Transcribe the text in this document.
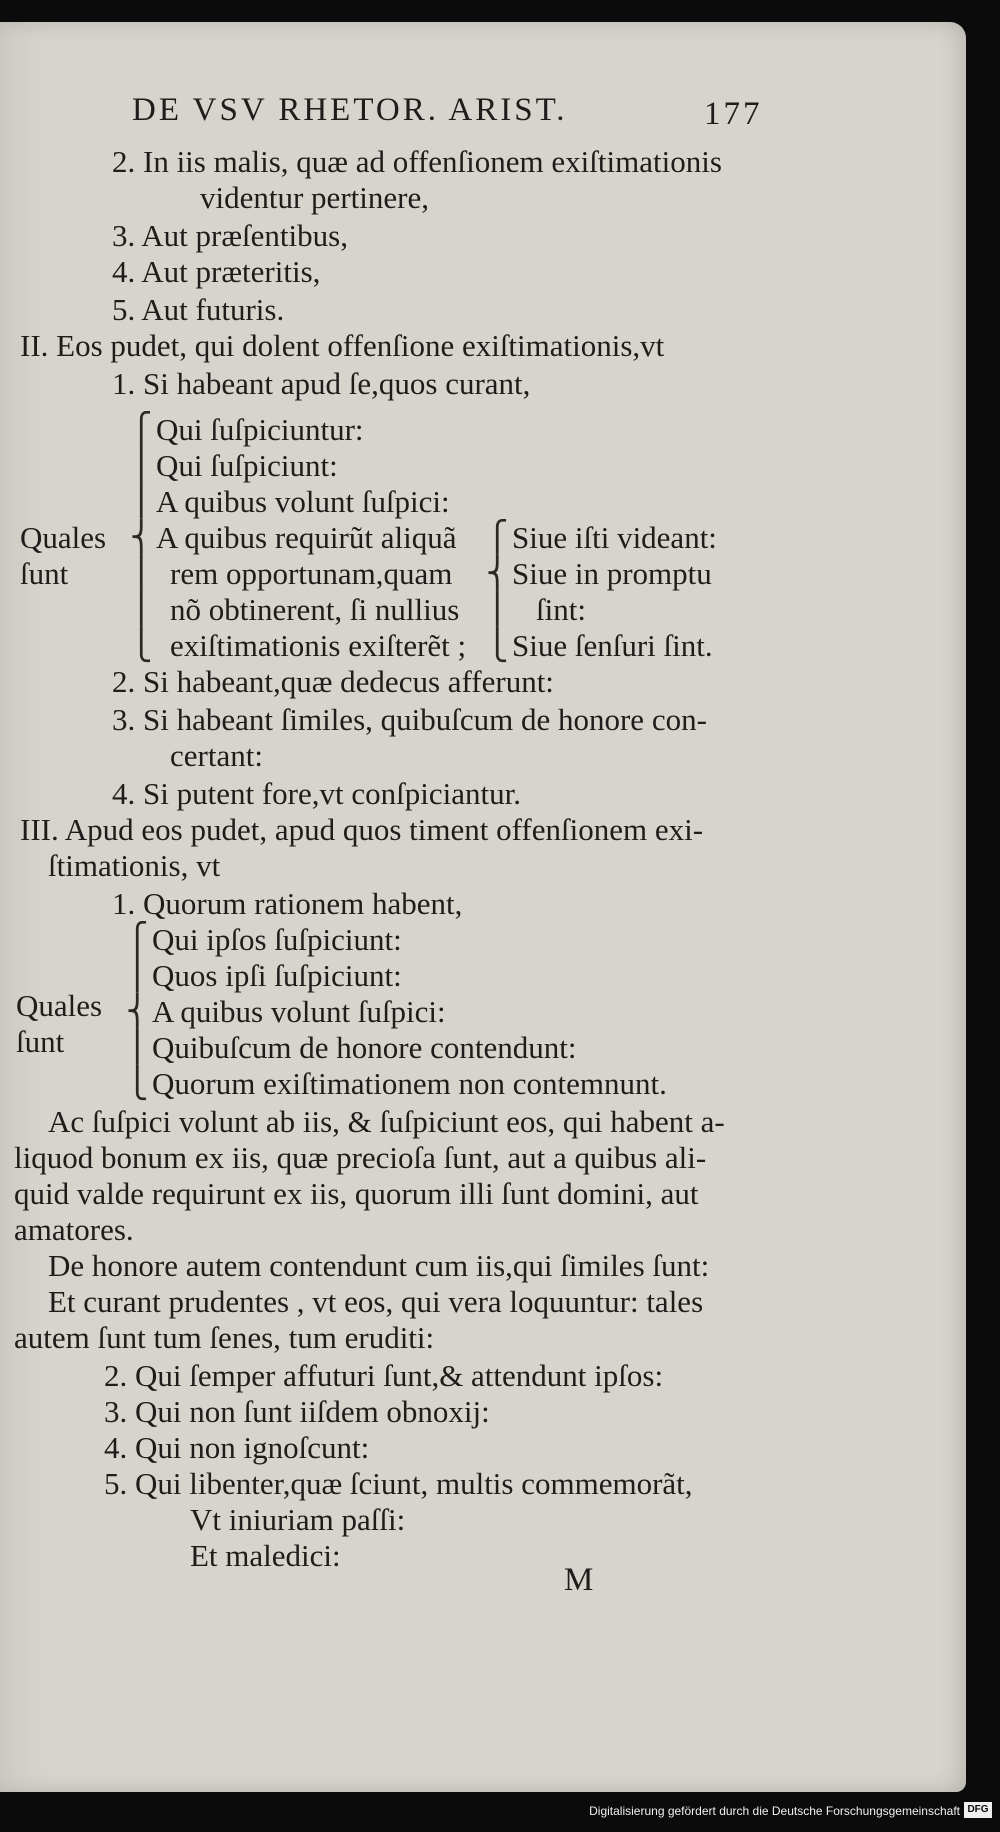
DE VSV RHETOR. ARIST.	177
2. In iis malis, quæ ad offenſionem exiſtimationis
videntur pertinere,
3. Aut præſentibus,
4. Aut præteritis,
5. Aut futuris.
II. Eos pudet, qui dolent offenſione exiſtimationis,vt
1. Si habeant apud ſe,quos curant,
⎧
⎪
⎪
⎨
⎪
⎪
⎩
Quales
ſunt
Qui ſuſpiciuntur:
Qui ſuſpiciunt:
A quibus volunt ſuſpici:
A quibus requirũt aliquã
rem opportunam,quam
nõ obtinerent, ſi nullius
exiſtimationis exiſterẽt ;
⎧
⎨
⎪
⎩
Siue iſti videant:
Siue in promptu
ſint:
Siue ſenſuri ſint.
2. Si habeant,quæ dedecus afferunt:
3. Si habeant ſimiles, quibuſcum de honore con-
certant:
4. Si putent fore,vt conſpiciantur.
III. Apud eos pudet, apud quos timent offenſionem exi-
ſtimationis, vt
1. Quorum rationem habent,
⎧
⎪
⎨
⎪
⎩
Quales
ſunt
Qui ipſos ſuſpiciunt:
Quos ipſi ſuſpiciunt:
A quibus volunt ſuſpici:
Quibuſcum de honore contendunt:
Quorum exiſtimationem non contemnunt.
Ac ſuſpici volunt ab iis, & ſuſpiciunt eos, qui habent a-
liquod bonum ex iis, quæ precioſa ſunt, aut a quibus ali-
quid valde requirunt ex iis, quorum illi ſunt domini, aut
amatores.
De honore autem contendunt cum iis,qui ſimiles ſunt:
Et curant prudentes , vt eos, qui vera loquuntur: tales
autem ſunt tum ſenes, tum eruditi:
2. Qui ſemper affuturi ſunt,& attendunt ipſos:
3. Qui non ſunt iiſdem obnoxij:
4. Qui non ignoſcunt:
5. Qui libenter,quæ ſciunt, multis commemorãt,
Vt iniuriam paſſi:
Et maledici:
M
Digitalisierung gefördert durch die Deutsche Forschungsgemeinschaft DFG
